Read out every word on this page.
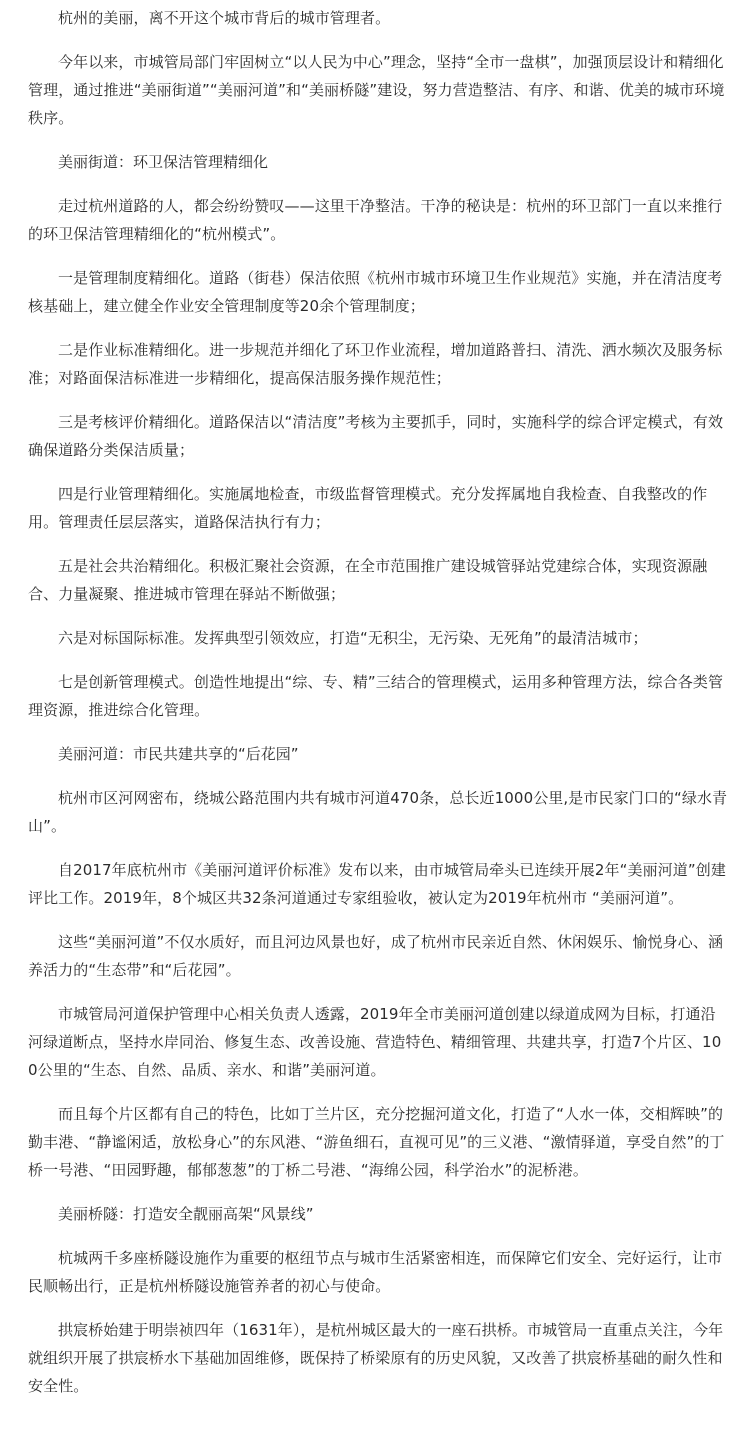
杭州的美丽，离不开这个城市背后的城市管理者。

今年以来，市城管局部门牢固树立“以人民为中心”理念，坚持“全市一盘棋”，加强顶层设计和精细化管理，通过推进“美丽街道”“美丽河道”和“美丽桥隧”建设，努力营造整洁、有序、和谐、优美的城市环境秩序。

美丽街道：环卫保洁管理精细化

走过杭州道路的人，都会纷纷赞叹——这里干净整洁。干净的秘诀是：杭州的环卫部门一直以来推行的环卫保洁管理精细化的“杭州模式”。

一是管理制度精细化。道路（街巷）保洁依照《杭州市城市环境卫生作业规范》实施，并在清洁度考核基础上，建立健全作业安全管理制度等20余个管理制度；

二是作业标准精细化。进一步规范并细化了环卫作业流程，增加道路普扫、清洗、洒水频次及服务标准；对路面保洁标准进一步精细化，提高保洁服务操作规范性；

三是考核评价精细化。道路保洁以“清洁度”考核为主要抓手，同时，实施科学的综合评定模式，有效确保道路分类保洁质量；

四是行业管理精细化。实施属地检查，市级监督管理模式。充分发挥属地自我检查、自我整改的作用。管理责任层层落实，道路保洁执行有力；

五是社会共治精细化。积极汇聚社会资源，在全市范围推广建设城管驿站党建综合体，实现资源融合、力量凝聚、推进城市管理在驿站不断做强；

六是对标国际标准。发挥典型引领效应，打造“无积尘，无污染、无死角”的最清洁城市；

七是创新管理模式。创造性地提出“综、专、精”三结合的管理模式，运用多种管理方法，综合各类管理资源，推进综合化管理。

美丽河道：市民共建共享的“后花园”

杭州市区河网密布，绕城公路范围内共有城市河道470条，总长近1000公里,是市民家门口的“绿水青山”。

自2017年底杭州市《美丽河道评价标准》发布以来，由市城管局牵头已连续开展2年“美丽河道”创建评比工作。2019年，8个城区共32条河道通过专家组验收，被认定为2019年杭州市 “美丽河道”。

这些“美丽河道”不仅水质好，而且河边风景也好，成了杭州市民亲近自然、休闲娱乐、愉悦身心、涵养活力的“生态带”和“后花园”。

市城管局河道保护管理中心相关负责人透露，2019年全市美丽河道创建以绿道成网为目标，打通沿河绿道断点，坚持水岸同治、修复生态、改善设施、营造特色、精细管理、共建共享，打造7个片区、100公里的“生态、自然、品质、亲水、和谐”美丽河道。

而且每个片区都有自己的特色，比如丁兰片区，充分挖掘河道文化，打造了“人水一体，交相辉映”的勤丰港、“静谧闲适，放松身心”的东风港、“游鱼细石，直视可见”的三义港、“激情驿道，享受自然”的丁桥一号港、“田园野趣，郁郁葱葱”的丁桥二号港、“海绵公园，科学治水”的泥桥港。

美丽桥隧：打造安全靓丽高架“风景线”

杭城两千多座桥隧设施作为重要的枢纽节点与城市生活紧密相连，而保障它们安全、完好运行，让市民顺畅出行，正是杭州桥隧设施管养者的初心与使命。

拱宸桥始建于明崇祯四年（1631年），是杭州城区最大的一座石拱桥。市城管局一直重点关注，今年就组织开展了拱宸桥水下基础加固维修，既保持了桥梁原有的历史风貌，又改善了拱宸桥基础的耐久性和安全性。
